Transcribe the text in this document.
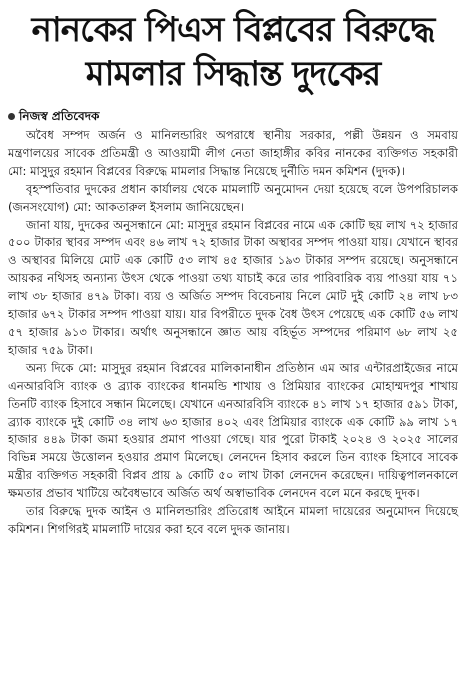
নানকের পিএস বিপ্লবের বিরুদ্ধে
মামলার সিদ্ধান্ত দুদকের
নিজস্ব প্রতিবেদক

অবৈধ সম্পদ অর্জন ও মানিলন্ডারিং অপরাধে স্থানীয় সরকার, পল্লী উন্নয়ন ও সমবায় মন্ত্রণালয়ের সাবেক প্রতিমন্ত্রী ও আওয়ামী লীগ নেতা জাহাঙ্গীর কবির নানকের ব্যক্তিগত সহকারী মো: মাসুদুর রহমান বিপ্লবের বিরুদ্ধে মামলার সিদ্ধান্ত নিয়েছে দুর্নীতি দমন কমিশন (দুদক)।

বৃহস্পতিবার দুদকের প্রধান কার্যালয় থেকে মামলাটি অনুমোদন দেয়া হয়েছে বলে উপপরিচালক (জনসংযোগ) মো: আকতারুল ইসলাম জানিয়েছেন।

জানা যায়, দুদকের অনুসন্ধানে মো: মাসুদুর রহমান বিপ্লবের নামে এক কোটি ছয় লাখ ৭২ হাজার ৫০০ টাকার স্থাবর সম্পদ এবং ৪৬ লাখ ৭২ হাজার টাকা অস্থাবর সম্পদ পাওয়া যায়। যেখানে স্থাবর ও অস্থাবর মিলিয়ে মোট এক কোটি ৫৩ লাখ ৪৫ হাজার ১৯৩ টাকার সম্পদ রয়েছে। অনুসন্ধানে আয়কর নথিসহ অন্যান্য উৎস থেকে পাওয়া তথ্য যাচাই করে তার পারিবারিক ব্যয় পাওয়া যায় ৭১ লাখ ৩৮ হাজার ৪৭৯ টাকা। ব্যয় ও অর্জিত সম্পদ বিবেচনায় নিলে মোট দুই কোটি ২৪ লাখ ৮৩ হাজার ৬৭২ টাকার সম্পদ পাওয়া যায়। যার বিপরীতে দুদক বৈধ উৎস পেয়েছে এক কোটি ৫৬ লাখ ৫৭ হাজার ৯১৩ টাকার। অর্থাৎ অনুসন্ধানে জ্ঞাত আয় বহির্ভূত সম্পদের পরিমাণ ৬৮ লাখ ২৫ হাজার ৭৫৯ টাকা।

অন্য দিকে মো: মাসুদুর রহমান বিপ্লবের মালিকানাধীন প্রতিষ্ঠান এম আর এন্টারপ্রাইজের নামে এনআরবিসি ব্যাংক ও ব্র্যাক ব্যাংকের ধানমন্ডি শাখায় ও প্রিমিয়ার ব্যাংকের মোহাম্মদপুর শাখায় তিনটি ব্যাংক হিসাবে সন্ধান মিলেছে। যেখানে এনআরবিসি ব্যাংকে ৪১ লাখ ১৭ হাজার ৫৯১ টাকা, ব্র্যাক ব্যাংকে দুই কোটি ৩৪ লাখ ৬৩ হাজার ৪০২ এবং প্রিমিয়ার ব্যাংকে এক কোটি ৯৯ লাখ ১৭ হাজার ৪৪৯ টাকা জমা হওয়ার প্রমাণ পাওয়া গেছে। যার পুরো টাকাই ২০২৪ ও ২০২৫ সালের বিভিন্ন সময়ে উত্তোলন হওয়ার প্রমাণ মিলেছে। লেনদেন হিসাব করলে তিন ব্যাংক হিসাবে সাবেক মন্ত্রীর ব্যক্তিগত সহকারী বিপ্লব প্রায় ৯ কোটি ৫০ লাখ টাকা লেনদেন করেছেন। দায়িত্বপালনকালে ক্ষমতার প্রভাব খাটিয়ে অবৈধভাবে অর্জিত অর্থ অস্বাভাবিক লেনদেন বলে মনে করছে দুদক।

তার বিরুদ্ধে দুদক আইন ও মানিলন্ডারিং প্রতিরোধ আইনে মামলা দায়েরের অনুমোদন দিয়েছে কমিশন। শিগগিরই মামলাটি দায়ের করা হবে বলে দুদক জানায়।
